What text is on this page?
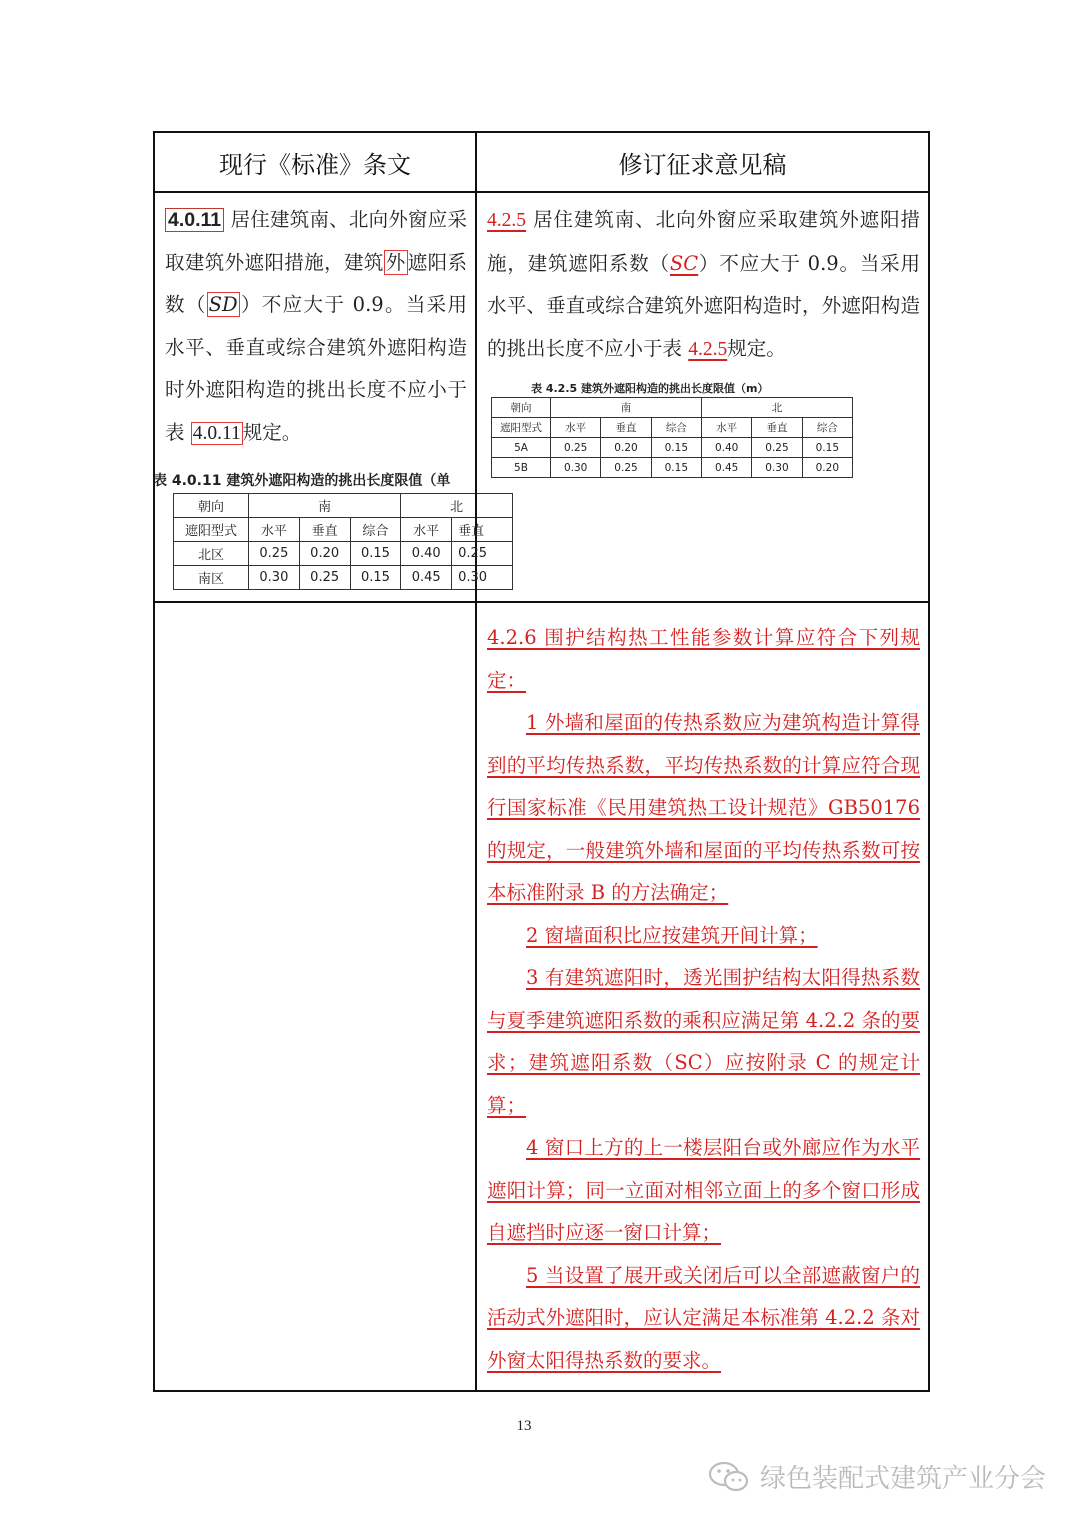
现行《标准》条文	修订征求意见稿

4.0.11 居住建筑南、北向外窗应采取建筑外遮阳措施，建筑 外 遮阳系数（ SD ）不应大于 0.9。当采用水平、垂直或综合建筑外遮阳构造时外遮阳构造的挑出长度不应小于表 4.0.11 规定。
表 4.0.11 建筑外遮阳构造的挑出长度限值（单
朝向	南	北
遮阳型式	水平	垂直	综合	水平	垂直
北区	0.25	0.20	0.15	0.40	0.25
南区	0.30	0.25	0.15	0.45	0.30

4.2.5 居住建筑南、北向外窗应采取建筑外遮阳措施，建筑遮阳系数（SC）不应大于 0.9。当采用水平、垂直或综合建筑外遮阳构造时，外遮阳构造的挑出长度不应小于表 4.2.5规定。
表 4.2.5 建筑外遮阳构造的挑出长度限值（m）
朝向	南	北
遮阳型式	水平	垂直	综合	水平	垂直	综合
5A	0.25	0.20	0.15	0.40	0.25	0.15
5B	0.30	0.25	0.15	0.45	0.30	0.20

4.2.6 围护结构热工性能参数计算应符合下列规定：
1 外墙和屋面的传热系数应为建筑构造计算得到的平均传热系数，平均传热系数的计算应符合现行国家标准《民用建筑热工设计规范》GB50176 的规定，一般建筑外墙和屋面的平均传热系数可按本标准附录 B 的方法确定；
2 窗墙面积比应按建筑开间计算；
3 有建筑遮阳时，透光围护结构太阳得热系数与夏季建筑遮阳系数的乘积应满足第 4.2.2 条的要求；建筑遮阳系数（SC）应按附录 C 的规定计算；
4 窗口上方的上一楼层阳台或外廊应作为水平遮阳计算；同一立面对相邻立面上的多个窗口形成自遮挡时应逐一窗口计算；
5 当设置了展开或关闭后可以全部遮蔽窗户的活动式外遮阳时，应认定满足本标准第 4.2.2 条对外窗太阳得热系数的要求。
13
绿色装配式建筑产业分会
